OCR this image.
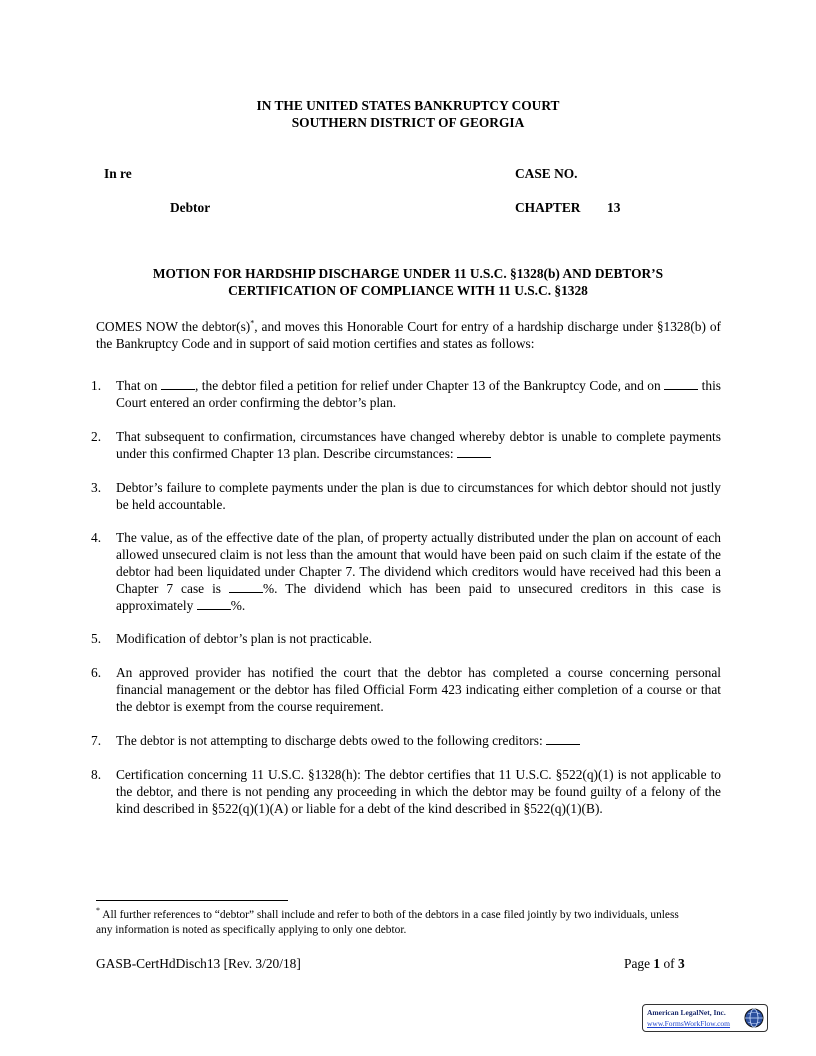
IN THE UNITED STATES BANKRUPTCY COURT
SOUTHERN DISTRICT OF GEORGIA
In re
Debtor
CASE NO.
CHAPTER 13
MOTION FOR HARDSHIP DISCHARGE UNDER 11 U.S.C. §1328(b) AND DEBTOR’S
CERTIFICATION OF COMPLIANCE WITH 11 U.S.C. §1328
COMES NOW the debtor(s)*, and moves this Honorable Court for entry of a hardship discharge under §1328(b) of the Bankruptcy Code and in support of said motion certifies and states as follows:
1. That on	, the debtor filed a petition for relief under Chapter 13 of the Bankruptcy Code, and on	this Court entered an order confirming the debtor’s plan.
2. That subsequent to confirmation, circumstances have changed whereby debtor is unable to complete payments under this confirmed Chapter 13 plan. Describe circumstances:
3. Debtor’s failure to complete payments under the plan is due to circumstances for which debtor should not justly be held accountable.
4. The value, as of the effective date of the plan, of property actually distributed under the plan on account of each allowed unsecured claim is not less than the amount that would have been paid on such claim if the estate of the debtor had been liquidated under Chapter 7. The dividend which creditors would have received had this been a Chapter 7 case is	%. The dividend which has been paid to unsecured creditors in this case is approximately	%.
5. Modification of debtor’s plan is not practicable.
6. An approved provider has notified the court that the debtor has completed a course concerning personal financial management or the debtor has filed Official Form 423 indicating either completion of a course or that the debtor is exempt from the course requirement.
7. The debtor is not attempting to discharge debts owed to the following creditors:
8. Certification concerning 11 U.S.C. §1328(h): The debtor certifies that 11 U.S.C. §522(q)(1) is not applicable to the debtor, and there is not pending any proceeding in which the debtor may be found guilty of a felony of the kind described in §522(q)(1)(A) or liable for a debt of the kind described in §522(q)(1)(B).
* All further references to “debtor” shall include and refer to both of the debtors in a case filed jointly by two individuals, unless any information is noted as specifically applying to only one debtor.
GASB-CertHdDisch13 [Rev. 3/20/18]	Page 1 of 3
American LegalNet, Inc.
www.FormsWorkFlow.com
